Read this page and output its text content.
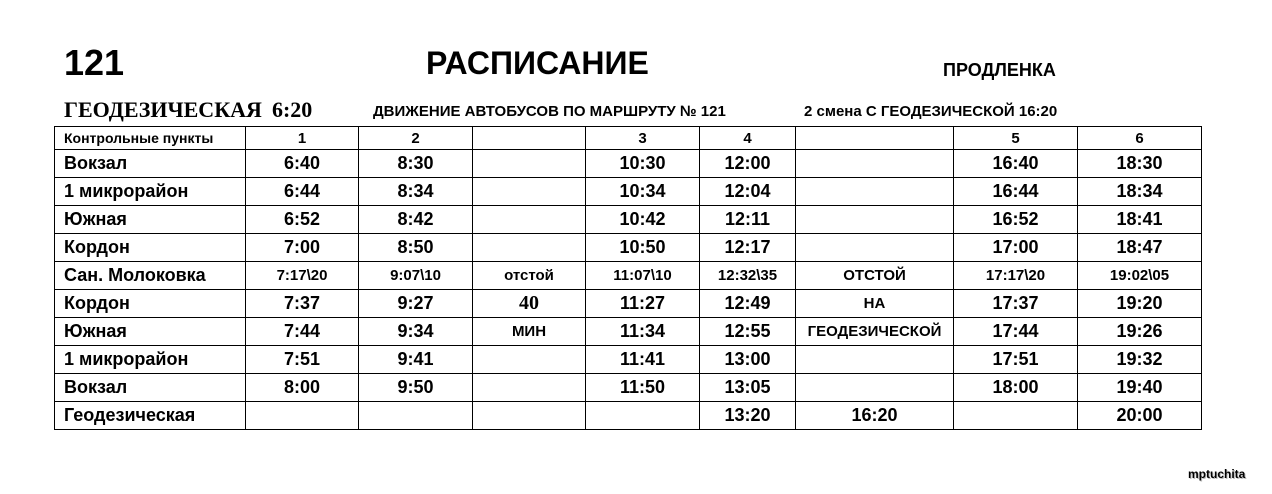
121	РАСПИСАНИЕ	ПРОДЛЕНКА
ГЕОДЕЗИЧЕСКАЯ 6:20	ДВИЖЕНИЕ АВТОБУСОВ ПО МАРШРУТУ № 121	2 смена С ГЕОДЕЗИЧЕСКОЙ 16:20
Контрольные пункты	1	2		3	4		5	6
Вокзал	6:40	8:30		10:30	12:00		16:40	18:30
1 микрорайон	6:44	8:34		10:34	12:04		16:44	18:34
Южная	6:52	8:42		10:42	12:11		16:52	18:41
Кордон	7:00	8:50		10:50	12:17		17:00	18:47
Сан. Молоковка	7:17\20	9:07\10	отстой	11:07\10	12:32\35	ОТСТОЙ	17:17\20	19:02\05
Кордон	7:37	9:27	40	11:27	12:49	НА	17:37	19:20
Южная	7:44	9:34	МИН	11:34	12:55	ГЕОДЕЗИЧЕСКОЙ	17:44	19:26
1 микрорайон	7:51	9:41		11:41	13:00		17:51	19:32
Вокзал	8:00	9:50		11:50	13:05		18:00	19:40
Геодезическая					13:20	16:20		20:00
mptuchita
